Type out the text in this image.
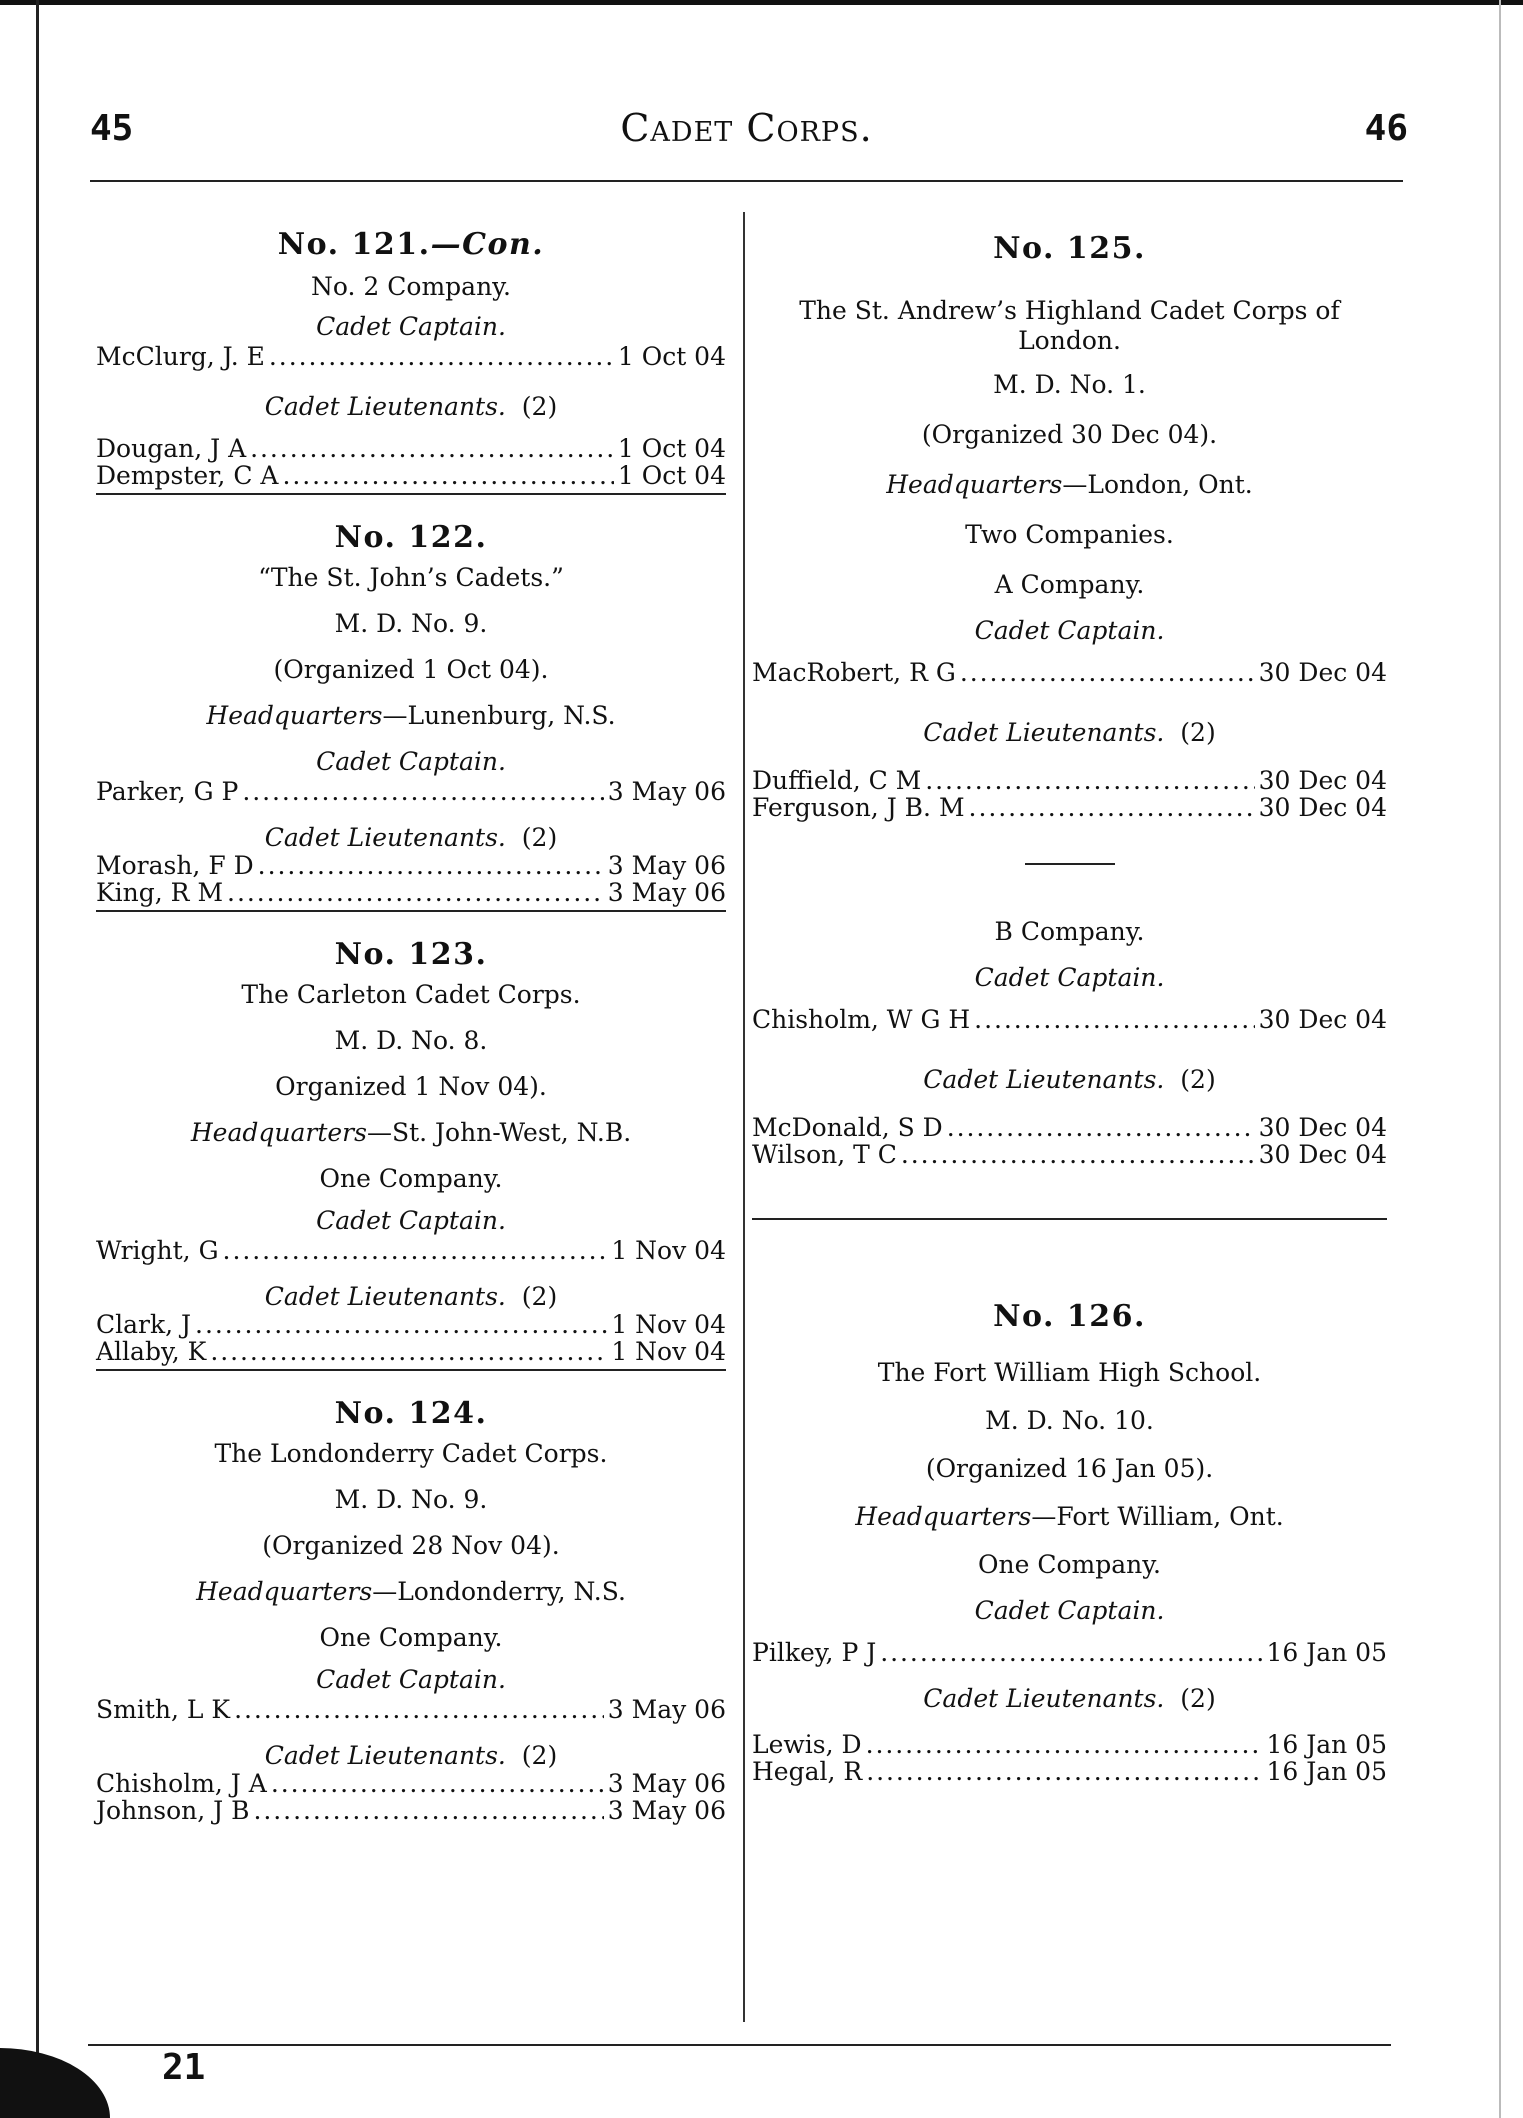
45	Cadet Corps.	46
No. 121.—Con.
No. 2 Company.
Cadet Captain.
McClurg, J. E . . .	1 Oct 04
Cadet Lieutenants. (2)
Dougan, J A . . .	1 Oct 04
Dempster, C A . . .	1 Oct 04
No. 122.
“The St. John’s Cadets.”
M. D. No. 9.
(Organized 1 Oct 04).
Headquarters—Lunenburg, N.S.
Cadet Captain.
Parker, G P . . .	3 May 06
Cadet Lieutenants. (2)
Morash, F D . . .	3 May 06
King, R M . . .	3 May 06
No. 123.
The Carleton Cadet Corps.
M. D. No. 8.
Organized 1 Nov 04).
Headquarters—St. John-West, N.B.
One Company.
Cadet Captain.
Wright, G . . .	1 Nov 04
Cadet Lieutenants. (2)
Clark, J . . .	1 Nov 04
Allaby, K . . .	1 Nov 04
No. 124.
The Londonderry Cadet Corps.
M. D. No. 9.
(Organized 28 Nov 04).
Headquarters—Londonderry, N.S.
One Company.
Cadet Captain.
Smith, L K . . .	3 May 06
Cadet Lieutenants. (2)
Chisholm, J A . . .	3 May 06
Johnson, J B . . .	3 May 06
No. 125.
The St. Andrew’s Highland Cadet Corps of London.
M. D. No. 1.
(Organized 30 Dec 04).
Headquarters—London, Ont.
Two Companies.
A Company.
Cadet Captain.
MacRobert, R G . . .	30 Dec 04
Cadet Lieutenants. (2)
Duffield, C M . . .	30 Dec 04
Ferguson, J B. M . . .	30 Dec 04
B Company.
Cadet Captain.
Chisholm, W G H . . .	30 Dec 04
Cadet Lieutenants. (2)
McDonald, S D . . .	30 Dec 04
Wilson, T C . . .	30 Dec 04
No. 126.
The Fort William High School.
M. D. No. 10.
(Organized 16 Jan 05).
Headquarters—Fort William, Ont.
One Company.
Cadet Captain.
Pilkey, P J . . .	16 Jan 05
Cadet Lieutenants. (2)
Lewis, D . . .	16 Jan 05
Hegal, R . . .	16 Jan 05
21
